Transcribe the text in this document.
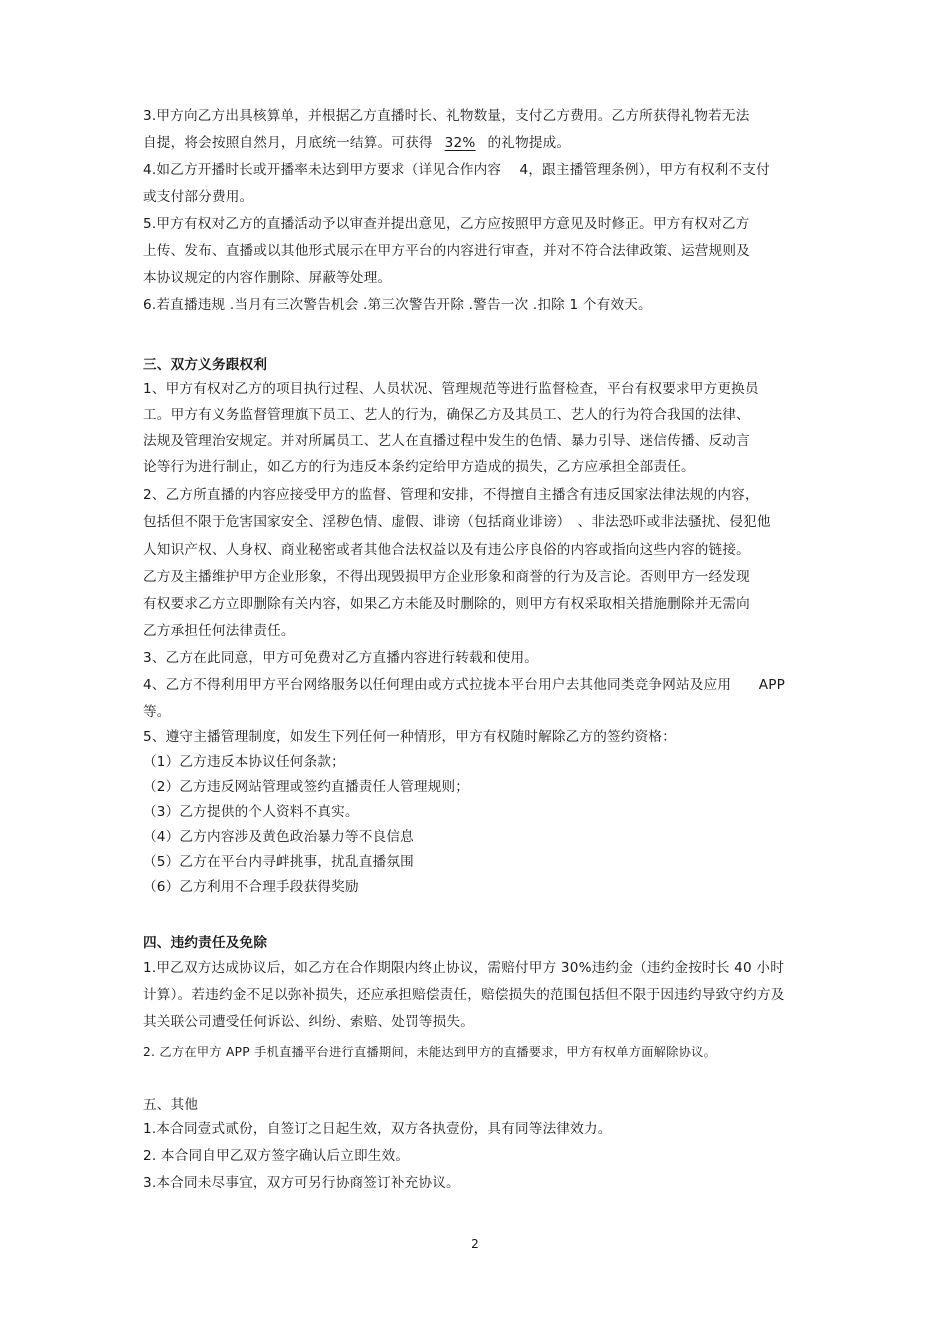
3.甲方向乙方出具核算单，并根据乙方直播时长、礼物数量，支付乙方费用。乙方所获得礼物若无法

自提，将会按照自然月，月底统一结算。可获得 32% 的礼物提成。

4.如乙方开播时长或开播率未达到甲方要求（详见合作内容　 4，跟主播管理条例），甲方有权利不支付

或支付部分费用。

5.甲方有权对乙方的直播活动予以审查并提出意见，乙方应按照甲方意见及时修正。甲方有权对乙方

上传、发布、直播或以其他形式展示在甲方平台的内容进行审查，并对不符合法律政策、运营规则及

本协议规定的内容作删除、屏蔽等处理。

6.若直播违规 .当月有三次警告机会 .第三次警告开除 .警告一次 .扣除 1 个有效天。

三、双方义务跟权利

1、甲方有权对乙方的项目执行过程、人员状况、管理规范等进行监督检查，平台有权要求甲方更换员

工。甲方有义务监督管理旗下员工、艺人的行为，确保乙方及其员工、艺人的行为符合我国的法律、

法规及管理治安规定。并对所属员工、艺人在直播过程中发生的色情、暴力引导、迷信传播、反动言

论等行为进行制止，如乙方的行为违反本条约定给甲方造成的损失，乙方应承担全部责任。

2、乙方所直播的内容应接受甲方的监督、管理和安排，不得擅自主播含有违反国家法律法规的内容，

包括但不限于危害国家安全、淫秽色情、虚假、诽谤（包括商业诽谤）　、非法恐吓或非法骚扰、侵犯他

人知识产权、人身权、商业秘密或者其他合法权益以及有违公序良俗的内容或指向这些内容的链接。

乙方及主播维护甲方企业形象，不得出现毁损甲方企业形象和商誉的行为及言论。否则甲方一经发现

有权要求乙方立即删除有关内容，如果乙方未能及时删除的，则甲方有权采取相关措施删除并无需向

乙方承担任何法律责任。

3、乙方在此同意，甲方可免费对乙方直播内容进行转载和使用。

4、乙方不得利用甲方平台网络服务以任何理由或方式拉拢本平台用户去其他同类竞争网站及应用　　APP

等。

5、遵守主播管理制度，如发生下列任何一种情形，甲方有权随时解除乙方的签约资格：

（1）乙方违反本协议任何条款；

（2）乙方违反网站管理或签约直播责任人管理规则；

（3）乙方提供的个人资料不真实。

（4）乙方内容涉及黄色政治暴力等不良信息

（5）乙方在平台内寻衅挑事，扰乱直播氛围

（6）乙方利用不合理手段获得奖励

四、违约责任及免除

1.甲乙双方达成协议后，如乙方在合作期限内终止协议，需赔付甲方 30%违约金（违约金按时长 40 小时

计算）。若违约金不足以弥补损失，还应承担赔偿责任，赔偿损失的范围包括但不限于因违约导致守约方及

其关联公司遭受任何诉讼、纠纷、索赔、处罚等损失。

2. 乙方在甲方 APP 手机直播平台进行直播期间，未能达到甲方的直播要求，甲方有权单方面解除协议。

五、其他

1.本合同壹式贰份，自签订之日起生效，双方各执壹份，具有同等法律效力。

2. 本合同自甲乙双方签字确认后立即生效。

3.本合同未尽事宜，双方可另行协商签订补充协议。

2
